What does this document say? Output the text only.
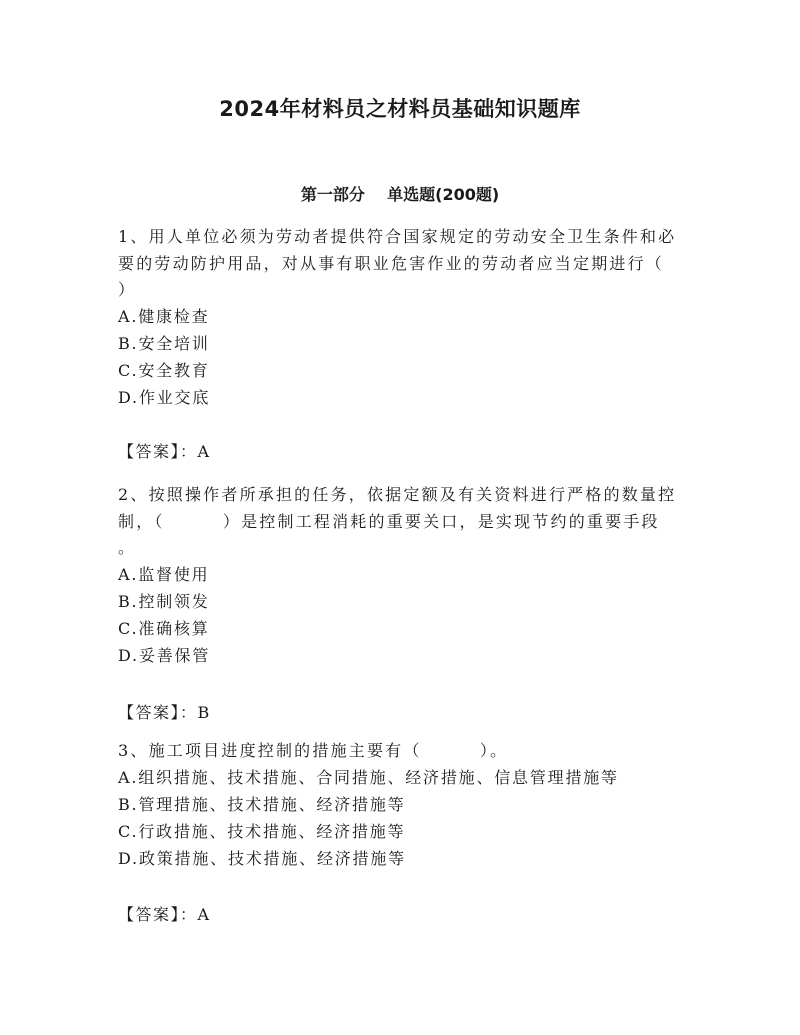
2024年材料员之材料员基础知识题库
第一部分    单选题(200题)
1、用人单位必须为劳动者提供符合国家规定的劳动安全卫生条件和必
要的劳动防护用品，对从事有职业危害作业的劳动者应当定期进行（
）
A.健康检查
B.安全培训
C.安全教育
D.作业交底
【答案】：A
2、按照操作者所承担的任务，依据定额及有关资料进行严格的数量控
制，（        ）是控制工程消耗的重要关口，是实现节约的重要手段
。
A.监督使用
B.控制领发
C.准确核算
D.妥善保管
【答案】：B
3、施工项目进度控制的措施主要有（        ）。
A.组织措施、技术措施、合同措施、经济措施、信息管理措施等
B.管理措施、技术措施、经济措施等
C.行政措施、技术措施、经济措施等
D.政策措施、技术措施、经济措施等
【答案】：A
